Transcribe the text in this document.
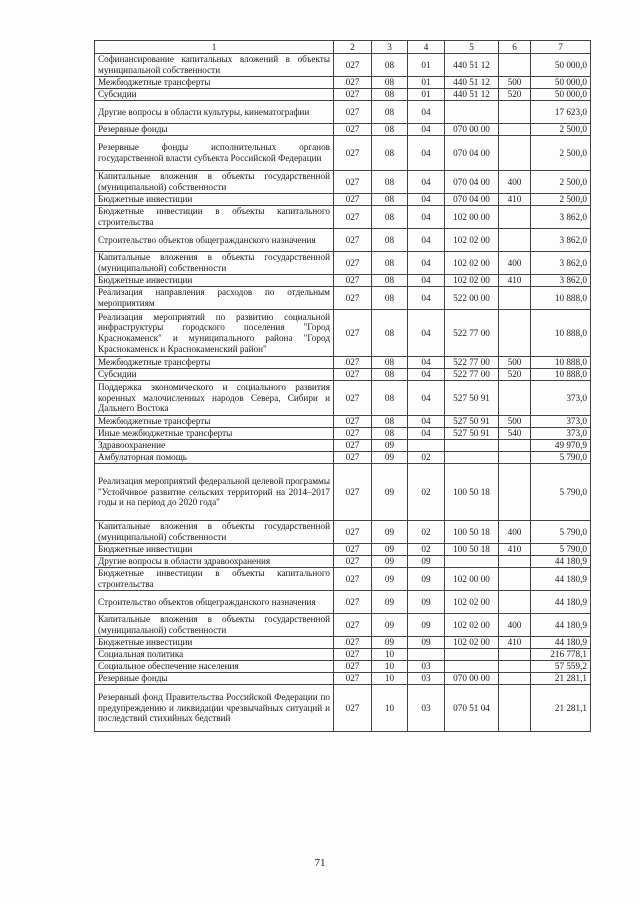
1	2	3	4	5	6	7
Софинансирование капитальных вложений в объекты муниципальной собственности	027	08	01	440 51 12		50 000,0
Межбюджетные трансферты	027	08	01	440 51 12	500	50 000,0
Субсидии	027	08	01	440 51 12	520	50 000,0
Другие вопросы в области культуры, кинематографии	027	08	04			17 623,0
Резервные фонды	027	08	04	070 00 00		2 500,0
Резервные фонды исполнительных органов государственной власти субъекта Российской Федерации	027	08	04	070 04 00		2 500,0
Капитальные вложения в объекты государственной (муниципальной) собственности	027	08	04	070 04 00	400	2 500,0
Бюджетные инвестиции	027	08	04	070 04 00	410	2 500,0
Бюджетные инвестиции в объекты капитального строительства	027	08	04	102 00 00		3 862,0
Строительство объектов общегражданского назначения	027	08	04	102 02 00		3 862,0
Капитальные вложения в объекты государственной (муниципальной) собственности	027	08	04	102 02 00	400	3 862,0
Бюджетные инвестиции	027	08	04	102 02 00	410	3 862,0
Реализация направления расходов по отдельным мероприятиям	027	08	04	522 00 00		10 888,0
Реализация мероприятий по развитию социальной инфраструктуры городского поселения "Город Краснокаменск" и муниципального района "Город Краснокаменск и Краснокаменский район"	027	08	04	522 77 00		10 888,0
Межбюджетные трансферты	027	08	04	522 77 00	500	10 888,0
Субсидии	027	08	04	522 77 00	520	10 888,0
Поддержка экономического и социального развития коренных малочисленных народов Севера, Сибири и Дальнего Востока	027	08	04	527 50 91		373,0
Межбюджетные трансферты	027	08	04	527 50 91	500	373,0
Иные межбюджетные трансферты	027	08	04	527 50 91	540	373,0
Здравоохранение	027	09				49 970,9
Амбулаторная помощь	027	09	02			5 790,0
Реализация мероприятий федеральной целевой программы "Устойчивое развитие сельских территорий на 2014–2017 годы и на период до 2020 года"	027	09	02	100 50 18		5 790,0
Капитальные вложения в объекты государственной (муниципальной) собственности	027	09	02	100 50 18	400	5 790,0
Бюджетные инвестиции	027	09	02	100 50 18	410	5 790,0
Другие вопросы в области здравоохранения	027	09	09			44 180,9
Бюджетные инвестиции в объекты капитального строительства	027	09	09	102 00 00		44 180,9
Строительство объектов общегражданского назначения	027	09	09	102 02 00		44 180,9
Капитальные вложения в объекты государственной (муниципальной) собственности	027	09	09	102 02 00	400	44 180,9
Бюджетные инвестиции	027	09	09	102 02 00	410	44 180,9
Социальная политика	027	10				216 778,1
Социальное обеспечение населения	027	10	03			57 559,2
Резервные фонды	027	10	03	070 00 00		21 281,1
Резервный фонд Правительства Российской Федерации по предупреждению и ликвидации чрезвычайных ситуаций и последствий стихийных бедствий	027	10	03	070 51 04		21 281,1
71
